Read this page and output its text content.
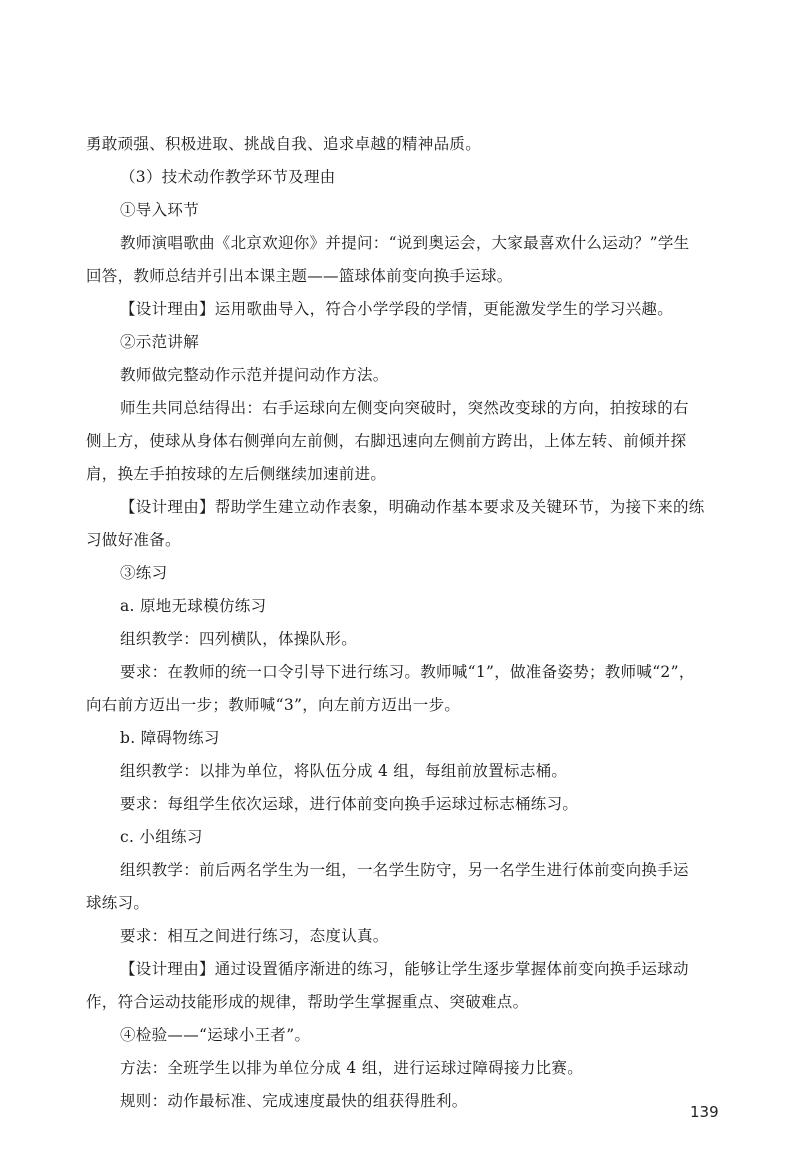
勇敢顽强、积极进取、挑战自我、追求卓越的精神品质。
（3）技术动作教学环节及理由
①导入环节
教师演唱歌曲《北京欢迎你》并提问：“说到奥运会，大家最喜欢什么运动？”学生
回答，教师总结并引出本课主题——篮球体前变向换手运球。
【设计理由】运用歌曲导入，符合小学学段的学情，更能激发学生的学习兴趣。
②示范讲解
教师做完整动作示范并提问动作方法。
师生共同总结得出：右手运球向左侧变向突破时，突然改变球的方向，拍按球的右
侧上方，使球从身体右侧弹向左前侧，右脚迅速向左侧前方跨出，上体左转、前倾并探
肩，换左手拍按球的左后侧继续加速前进。
【设计理由】帮助学生建立动作表象，明确动作基本要求及关键环节，为接下来的练
习做好准备。
③练习
a. 原地无球模仿练习
组织教学：四列横队，体操队形。
要求：在教师的统一口令引导下进行练习。教师喊“1”，做准备姿势；教师喊“2”，
向右前方迈出一步；教师喊“3”，向左前方迈出一步。
b. 障碍物练习
组织教学：以排为单位，将队伍分成 4 组，每组前放置标志桶。
要求：每组学生依次运球，进行体前变向换手运球过标志桶练习。
c. 小组练习
组织教学：前后两名学生为一组，一名学生防守，另一名学生进行体前变向换手运
球练习。
要求：相互之间进行练习，态度认真。
【设计理由】通过设置循序渐进的练习，能够让学生逐步掌握体前变向换手运球动
作，符合运动技能形成的规律，帮助学生掌握重点、突破难点。
④检验——“运球小王者”。
方法：全班学生以排为单位分成 4 组，进行运球过障碍接力比赛。
规则：动作最标准、完成速度最快的组获得胜利。
139
